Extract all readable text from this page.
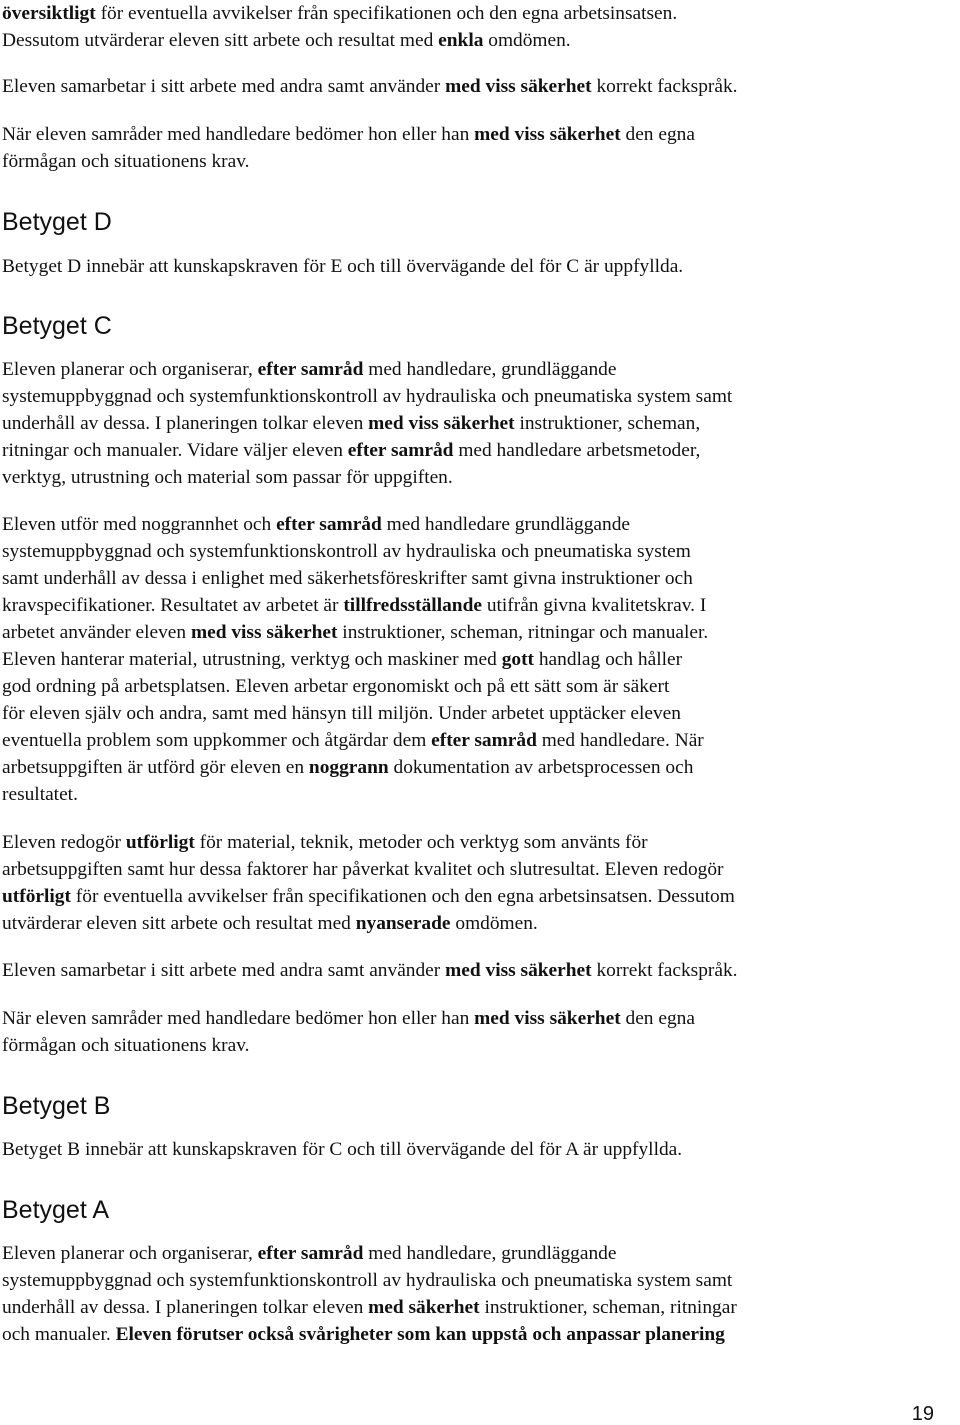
översiktligt för eventuella avvikelser från specifikationen och den egna arbetsinsatsen.
Dessutom utvärderar eleven sitt arbete och resultat med enkla omdömen.

Eleven samarbetar i sitt arbete med andra samt använder med viss säkerhet korrekt fackspråk.

När eleven samråder med handledare bedömer hon eller han med viss säkerhet den egna
förmågan och situationens krav.

Betyget D

Betyget D innebär att kunskapskraven för E och till övervägande del för C är uppfyllda.

Betyget C

Eleven planerar och organiserar, efter samråd med handledare, grundläggande
systemuppbyggnad och systemfunktionskontroll av hydrauliska och pneumatiska system samt
underhåll av dessa. I planeringen tolkar eleven med viss säkerhet instruktioner, scheman,
ritningar och manualer. Vidare väljer eleven efter samråd med handledare arbetsmetoder,
verktyg, utrustning och material som passar för uppgiften.

Eleven utför med noggrannhet och efter samråd med handledare grundläggande
systemuppbyggnad och systemfunktionskontroll av hydrauliska och pneumatiska system
samt underhåll av dessa i enlighet med säkerhetsföreskrifter samt givna instruktioner och
kravspecifikationer. Resultatet av arbetet är tillfredsställande utifrån givna kvalitetskrav. I
arbetet använder eleven med viss säkerhet instruktioner, scheman, ritningar och manualer.
Eleven hanterar material, utrustning, verktyg och maskiner med gott handlag och håller
god ordning på arbetsplatsen. Eleven arbetar ergonomiskt och på ett sätt som är säkert
för eleven själv och andra, samt med hänsyn till miljön. Under arbetet upptäcker eleven
eventuella problem som uppkommer och åtgärdar dem efter samråd med handledare. När
arbetsuppgiften är utförd gör eleven en noggrann dokumentation av arbetsprocessen och
resultatet.

Eleven redogör utförligt för material, teknik, metoder och verktyg som använts för
arbetsuppgiften samt hur dessa faktorer har påverkat kvalitet och slutresultat. Eleven redogör
utförligt för eventuella avvikelser från specifikationen och den egna arbetsinsatsen. Dessutom
utvärderar eleven sitt arbete och resultat med nyanserade omdömen.

Eleven samarbetar i sitt arbete med andra samt använder med viss säkerhet korrekt fackspråk.

När eleven samråder med handledare bedömer hon eller han med viss säkerhet den egna
förmågan och situationens krav.

Betyget B

Betyget B innebär att kunskapskraven för C och till övervägande del för A är uppfyllda.

Betyget A

Eleven planerar och organiserar, efter samråd med handledare, grundläggande
systemuppbyggnad och systemfunktionskontroll av hydrauliska och pneumatiska system samt
underhåll av dessa. I planeringen tolkar eleven med säkerhet instruktioner, scheman, ritningar
och manualer. Eleven förutser också svårigheter som kan uppstå och anpassar planering

19
